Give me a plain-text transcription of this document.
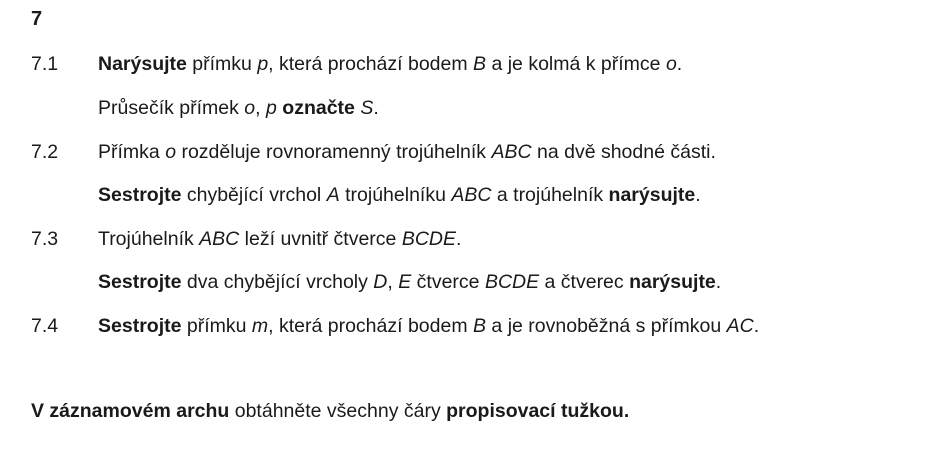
7
7.1 Narýsujte přímku p, která prochází bodem B a je kolmá k přímce o.
Průsečík přímek o, p označte S.
7.2 Přímka o rozděluje rovnoramenný trojúhelník ABC na dvě shodné části.
Sestrojte chybějící vrchol A trojúhelníku ABC a trojúhelník narýsujte.
7.3 Trojúhelník ABC leží uvnitř čtverce BCDE.
Sestrojte dva chybějící vrcholy D, E čtverce BCDE a čtverec narýsujte.
7.4 Sestrojte přímku m, která prochází bodem B a je rovnoběžná s přímkou AC.
V záznamovém archu obtáhněte všechny čáry propisovací tužkou.
